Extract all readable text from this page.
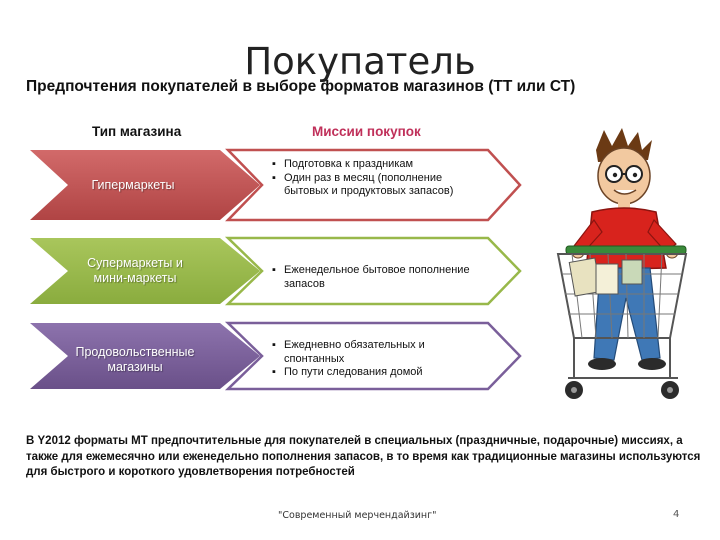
Покупатель
Предпочтения покупателей в выборе форматов магазинов (ТТ или СТ)
Тип магазина	Миссии покупок
Гипермаркеты

Супермаркеты и
мини-маркеты
Продовольственные
магазины
▪ Подготовка к праздникам
▪ Один раз в месяц (пополнение бытовых и продуктовых запасов)
▪ Еженедельное бытовое пополнение запасов
▪ Ежедневно обязательных и спонтанных
▪ По пути следования домой
В Y2012 форматы МТ предпочтительные для покупателей в специальных (праздничные, подарочные) миссиях, а также для ежемесячно или еженедельно пополнения запасов, в то время как традиционные магазины используются для быстрого и короткого удовлетворения потребностей
"Современный мерчендайзинг"	4
